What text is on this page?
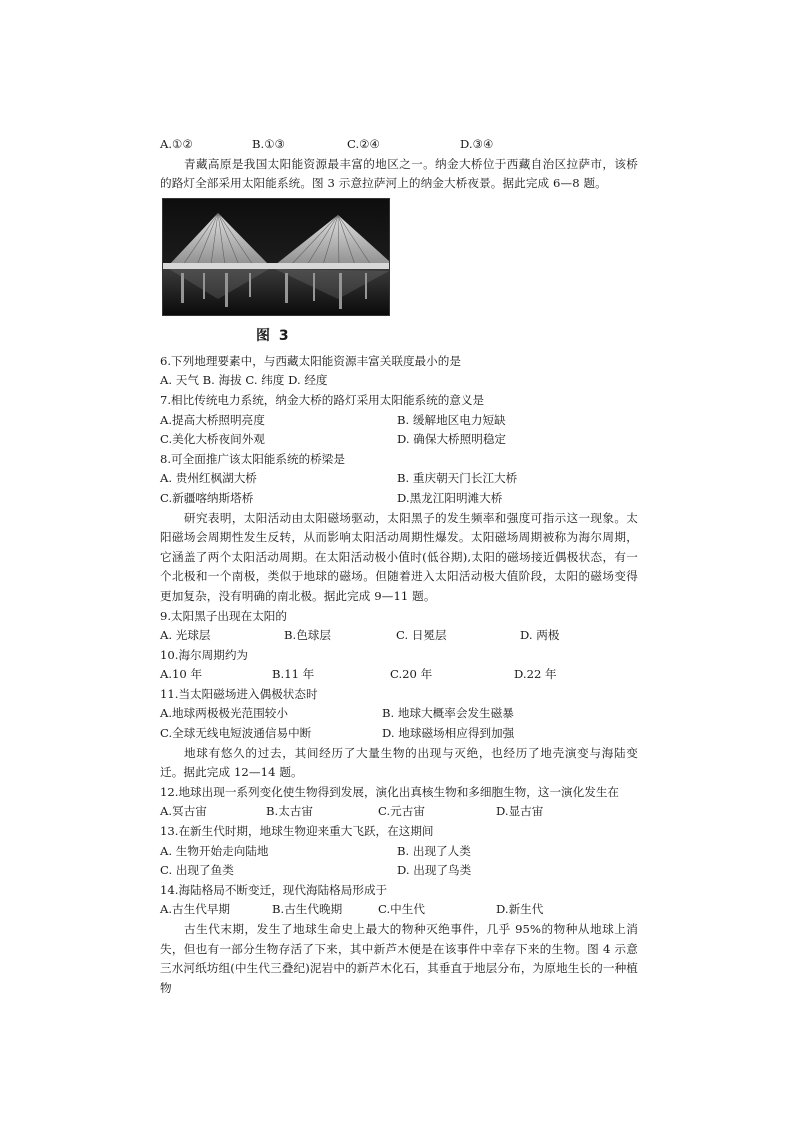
A.①②	B.①③	C.②④	D.③④

青藏高原是我国太阳能资源最丰富的地区之一。纳金大桥位于西藏自治区拉萨市，该桥的路灯全部采用太阳能系统。图 3 示意拉萨河上的纳金大桥夜景。据此完成 6—8 题。

图 3

6.下列地理要素中，与西藏太阳能资源丰富关联度最小的是

A. 天气 B. 海拔 C. 纬度 D. 经度

7.相比传统电力系统，纳金大桥的路灯采用太阳能系统的意义是

A.提高大桥照明亮度	B. 缓解地区电力短缺
C.美化大桥夜间外观	D. 确保大桥照明稳定

8.可全面推广该太阳能系统的桥梁是

A. 贵州红枫湖大桥	B. 重庆朝天门长江大桥
C.新疆喀纳斯塔桥	D.黑龙江阳明滩大桥

研究表明，太阳活动由太阳磁场驱动，太阳黑子的发生频率和强度可指示这一现象。太阳磁场会周期性发生反转，从而影响太阳活动周期性爆发。太阳磁场周期被称为海尔周期，它涵盖了两个太阳活动周期。在太阳活动极小值时(低谷期),太阳的磁场接近偶极状态，有一个北极和一个南极，类似于地球的磁场。但随着进入太阳活动极大值阶段，太阳的磁场变得更加复杂，没有明确的南北极。据此完成 9—11 题。

9.太阳黑子出现在太阳的

A. 光球层	B.色球层	C. 日冕层	D. 两极

10.海尔周期约为

A.10 年	B.11 年	C.20 年	D.22 年

11.当太阳磁场进入偶极状态时

A.地球两极极光范围较小	B. 地球大概率会发生磁暴
C.全球无线电短波通信易中断	D. 地球磁场相应得到加强

地球有悠久的过去，其间经历了大量生物的出现与灭绝，也经历了地壳演变与海陆变迁。据此完成 12—14 题。

12.地球出现一系列变化使生物得到发展，演化出真核生物和多细胞生物，这一演化发生在

A.冥古宙	B.太古宙	C.元古宙	D.显古宙

13.在新生代时期，地球生物迎来重大飞跃，在这期间

A. 生物开始走向陆地	B. 出现了人类
C. 出现了鱼类	D. 出现了鸟类

14.海陆格局不断变迁，现代海陆格局形成于

A.古生代早期	B.古生代晚期	C.中生代	D.新生代

古生代末期，发生了地球生命史上最大的物种灭绝事件，几乎 95%的物种从地球上消失，但也有一部分生物存活了下来，其中新芦木便是在该事件中幸存下来的生物。图 4 示意三水河纸坊组(中生代三叠纪)泥岩中的新芦木化石，其垂直于地层分布，为原地生长的一种植物
